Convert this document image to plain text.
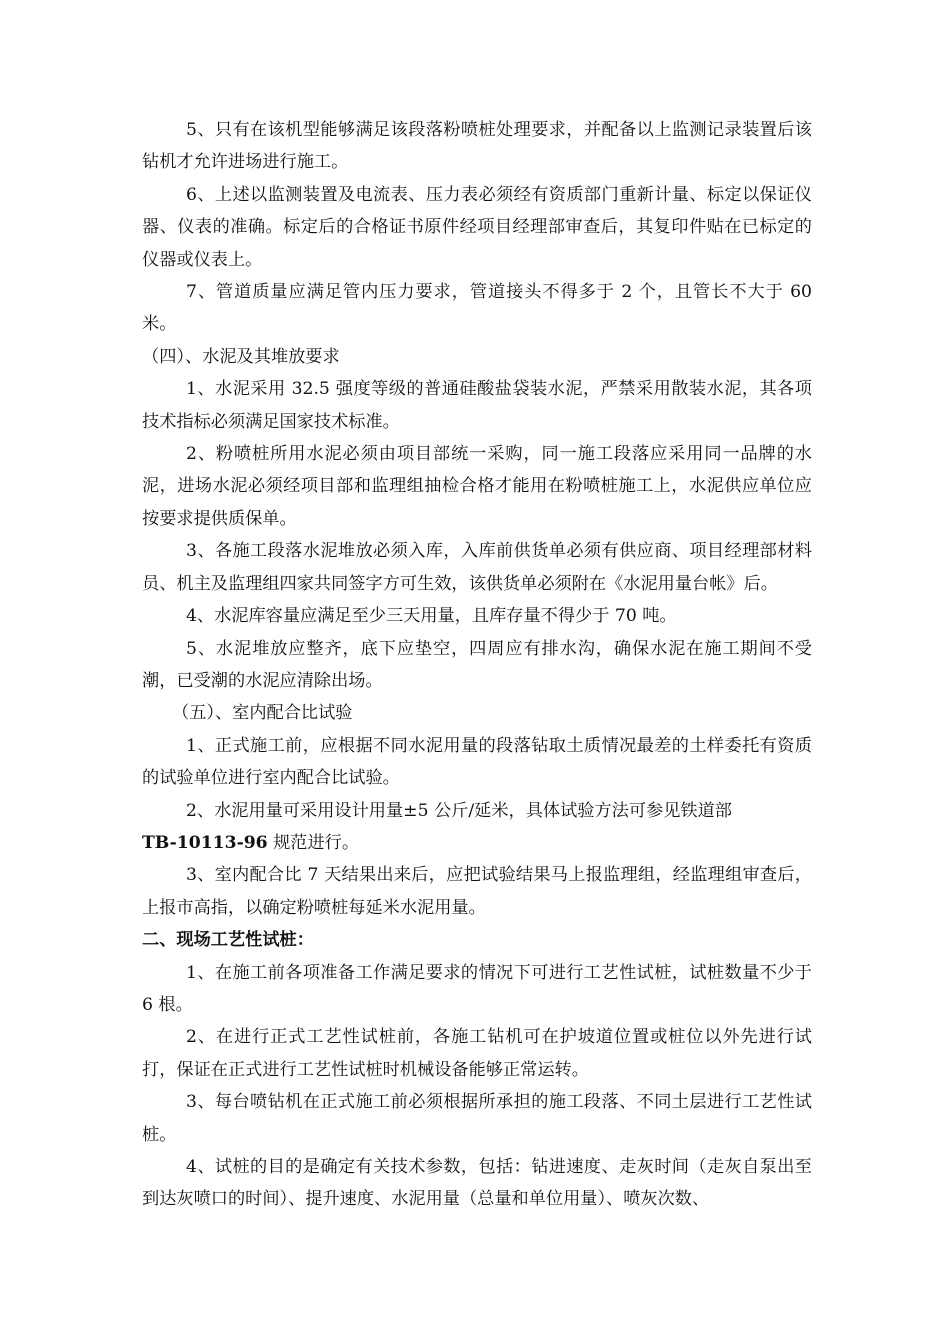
5、只有在该机型能够满足该段落粉喷桩处理要求，并配备以上监测记录装置后该钻机才允许进场进行施工。

6、上述以监测装置及电流表、压力表必须经有资质部门重新计量、标定以保证仪器、仪表的准确。标定后的合格证书原件经项目经理部审查后，其复印件贴在已标定的仪器或仪表上。

7、管道质量应满足管内压力要求，管道接头不得多于 2 个，且管长不大于 60 米。

（四）、水泥及其堆放要求

1、水泥采用 32.5 强度等级的普通硅酸盐袋装水泥，严禁采用散装水泥，其各项技术指标必须满足国家技术标准。

2、粉喷桩所用水泥必须由项目部统一采购，同一施工段落应采用同一品牌的水泥，进场水泥必须经项目部和监理组抽检合格才能用在粉喷桩施工上，水泥供应单位应按要求提供质保单。

3、各施工段落水泥堆放必须入库，入库前供货单必须有供应商、项目经理部材料员、机主及监理组四家共同签字方可生效，该供货单必须附在《水泥用量台帐》后。

4、水泥库容量应满足至少三天用量，且库存量不得少于 70 吨。

5、水泥堆放应整齐，底下应垫空，四周应有排水沟，确保水泥在施工期间不受潮，已受潮的水泥应清除出场。

（五）、室内配合比试验

1、正式施工前，应根据不同水泥用量的段落钻取土质情况最差的土样委托有资质的试验单位进行室内配合比试验。

2、水泥用量可采用设计用量±5 公斤/延米，具体试验方法可参见铁道部
TB-10113-96 规范进行。

3、室内配合比 7 天结果出来后，应把试验结果马上报监理组，经监理组审查后，上报市高指，以确定粉喷桩每延米水泥用量。

二、现场工艺性试桩：

1、在施工前各项准备工作满足要求的情况下可进行工艺性试桩，试桩数量不少于 6 根。

2、在进行正式工艺性试桩前，各施工钻机可在护坡道位置或桩位以外先进行试打，保证在正式进行工艺性试桩时机械设备能够正常运转。

3、每台喷钻机在正式施工前必须根据所承担的施工段落、不同土层进行工艺性试桩。

4、试桩的目的是确定有关技术参数，包括：钻进速度、走灰时间（走灰自泵出至到达灰喷口的时间）、提升速度、水泥用量（总量和单位用量）、喷灰次数、
